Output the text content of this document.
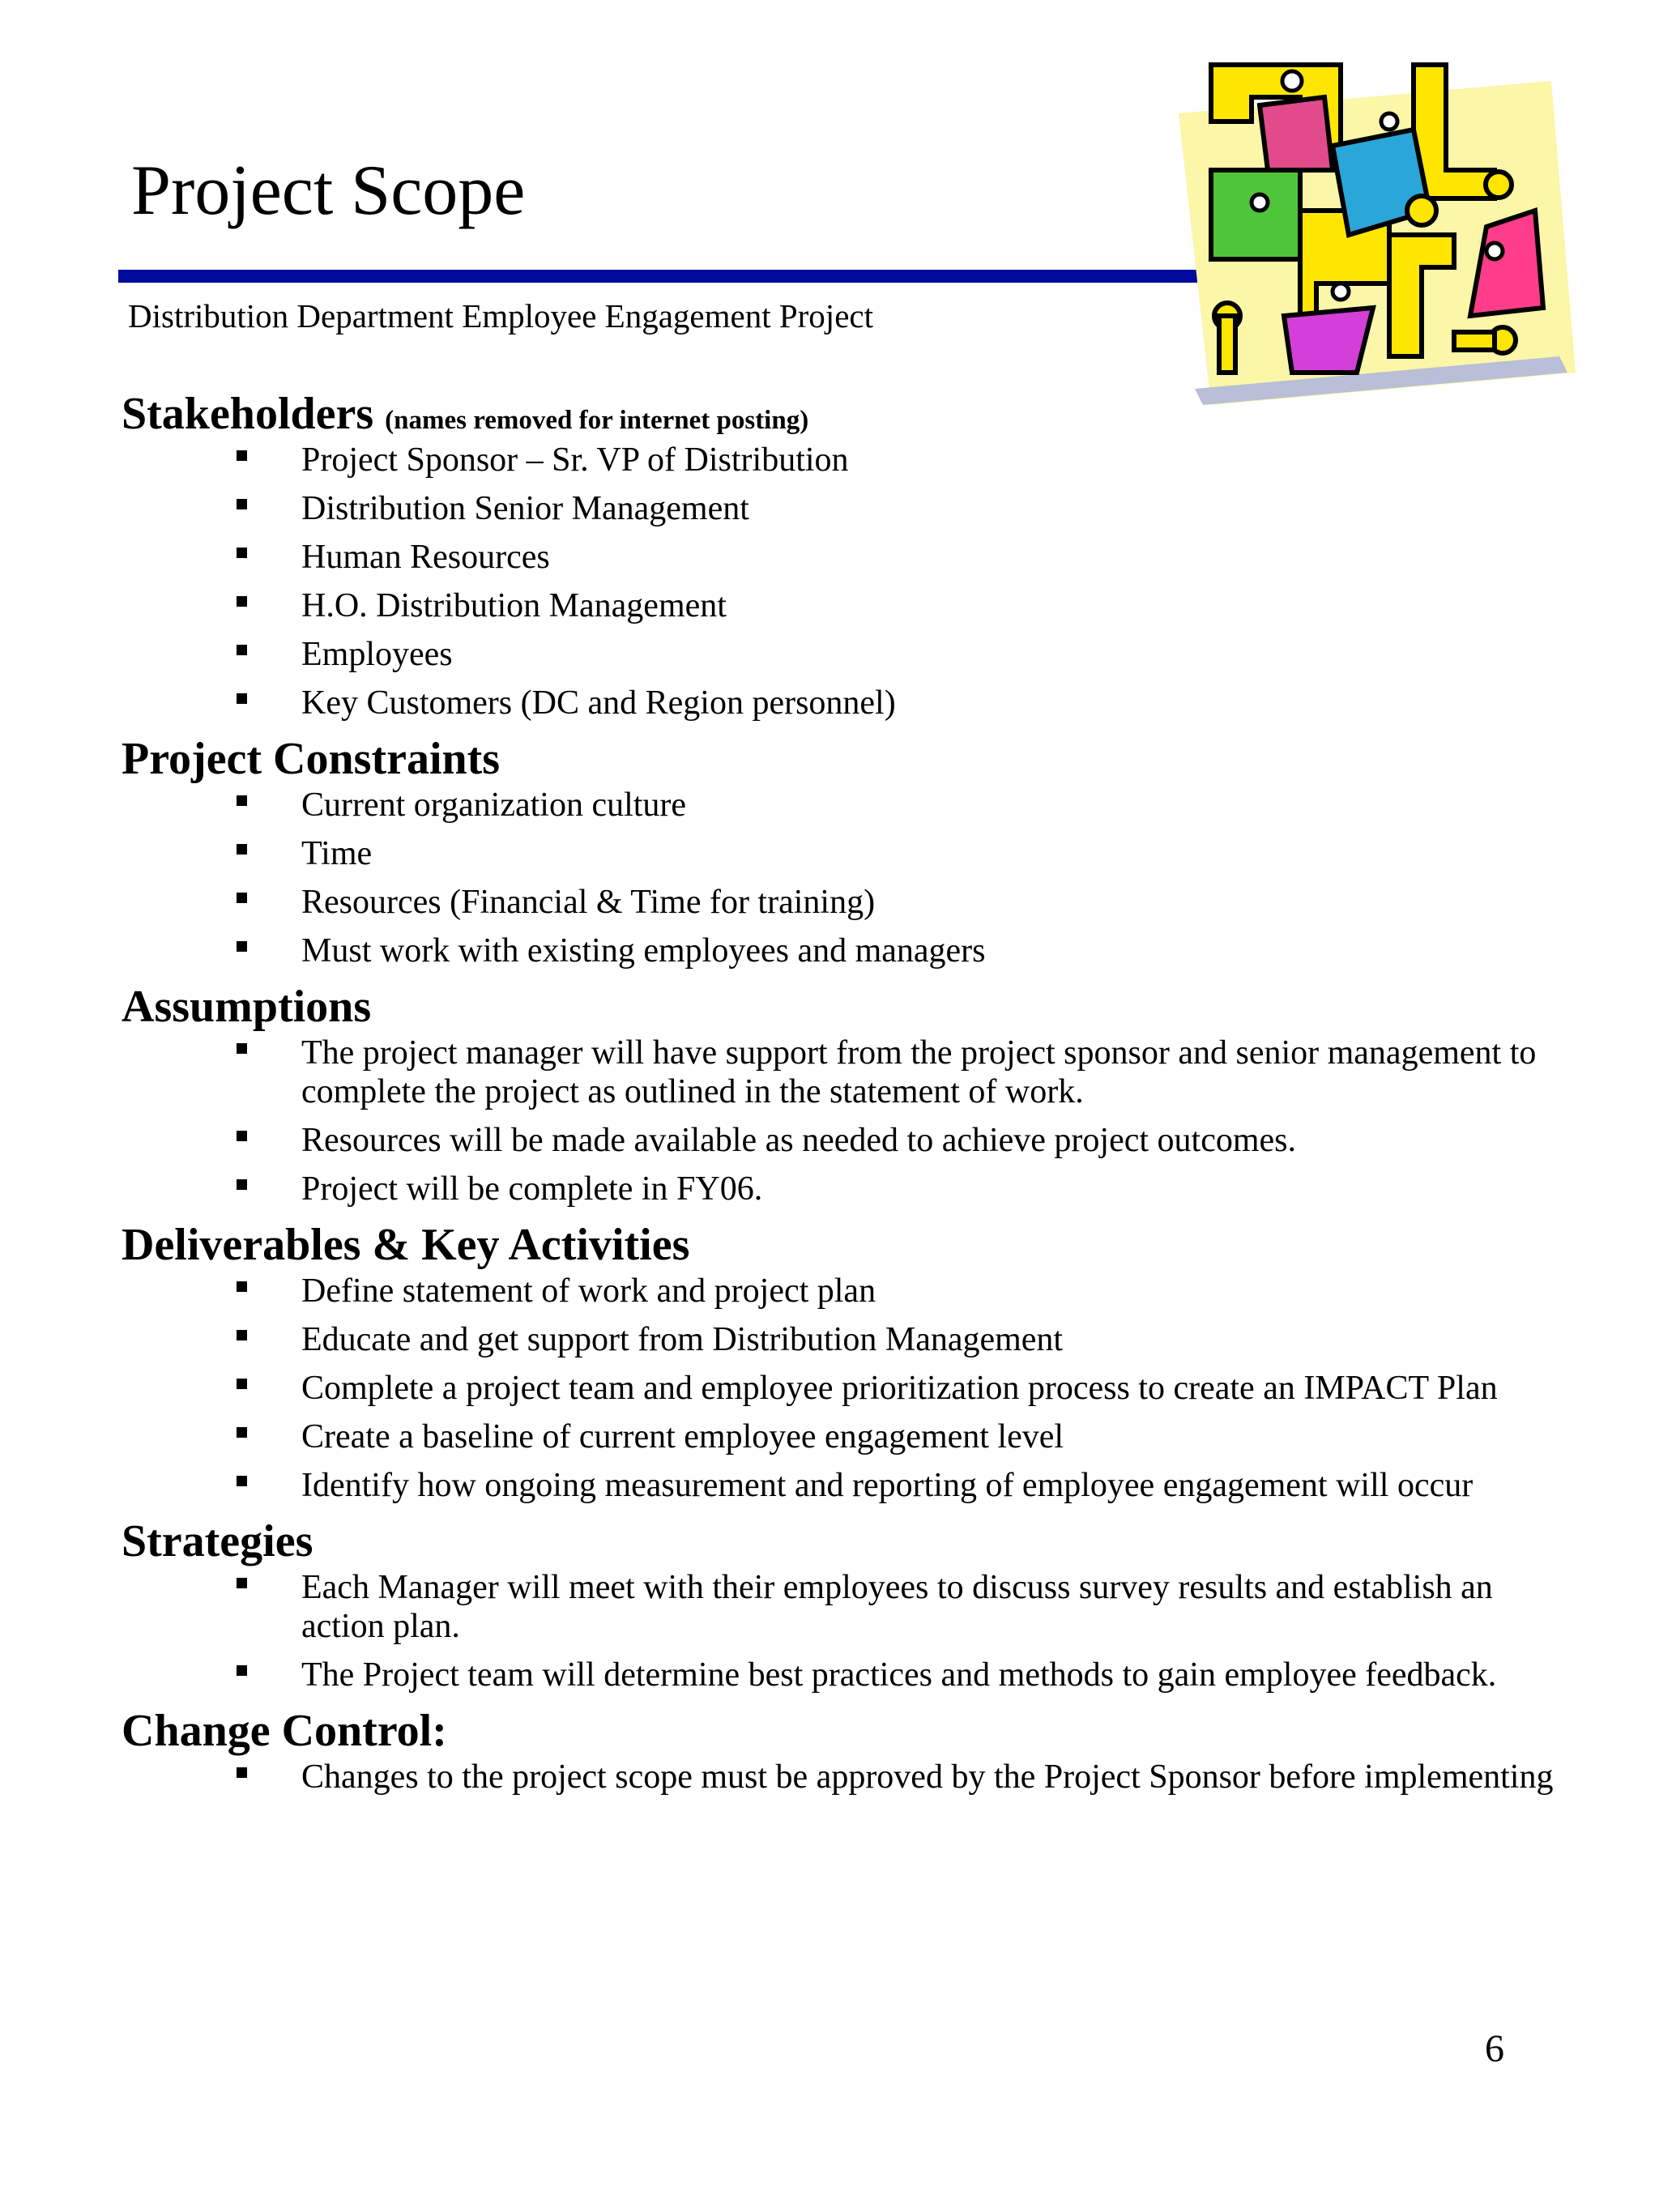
Project Scope
Distribution Department Employee Engagement Project
Stakeholders (names removed for internet posting)
Project Sponsor – Sr. VP of Distribution
Distribution Senior Management
Human Resources
H.O. Distribution Management
Employees
Key Customers (DC and Region personnel)
Project Constraints
Current organization culture
Time
Resources (Financial & Time for training)
Must work with existing employees and managers
Assumptions
The project manager will have support from the project sponsor and senior management to complete the project as outlined in the statement of work.
Resources will be made available as needed to achieve project outcomes.
Project will be complete in FY06.
Deliverables & Key Activities
Define statement of work and project plan
Educate and get support from Distribution Management
Complete a project team and employee prioritization process to create an IMPACT Plan
Create a baseline of current employee engagement level
Identify how ongoing measurement and reporting of employee engagement will occur
Strategies
Each Manager will meet with their employees to discuss survey results and establish an action plan.
The Project team will determine best practices and methods to gain employee feedback.
Change Control:
Changes to the project scope must be approved by the Project Sponsor before implementing
6
